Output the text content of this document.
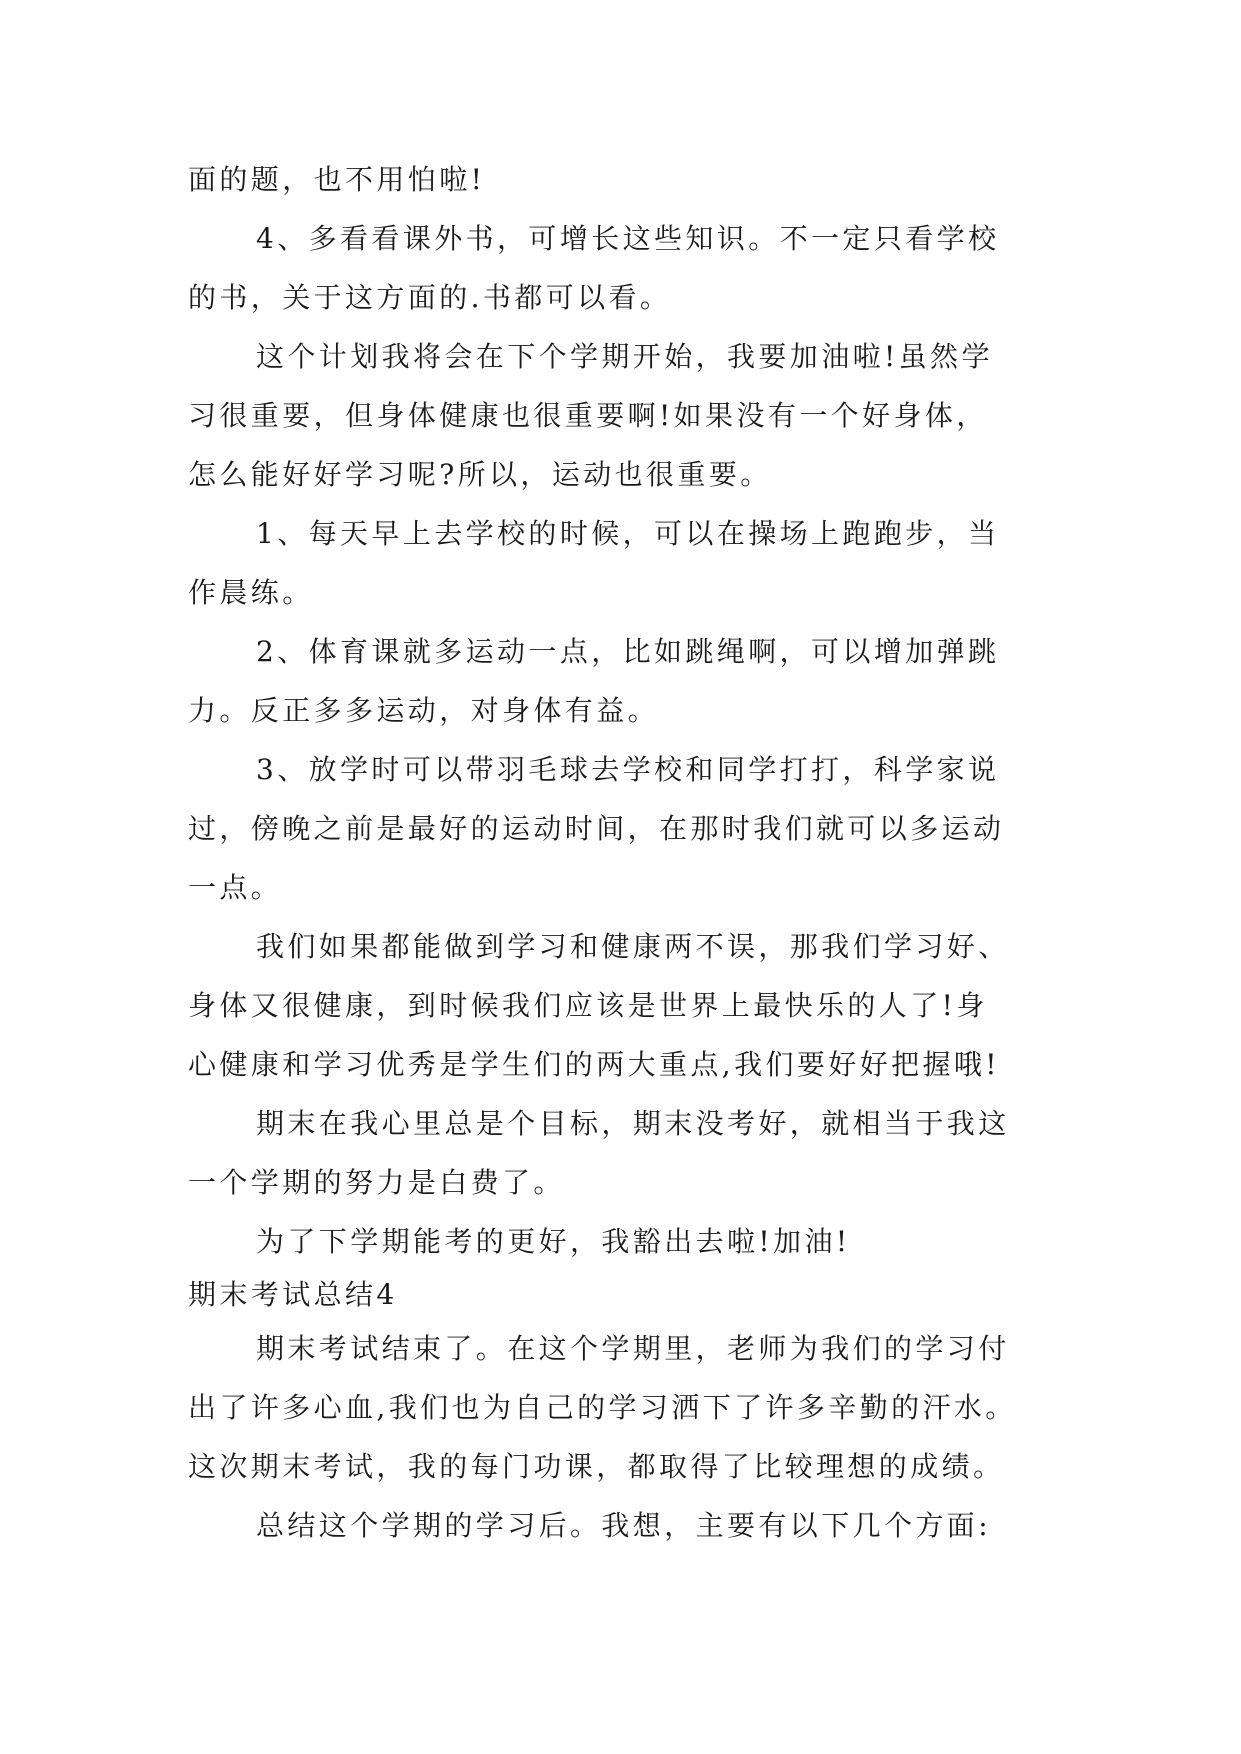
面的题，也不用怕啦!
4、多看看课外书，可增长这些知识。不一定只看学校
的书，关于这方面的.书都可以看。
这个计划我将会在下个学期开始，我要加油啦!虽然学
习很重要，但身体健康也很重要啊!如果没有一个好身体，
怎么能好好学习呢?所以，运动也很重要。
1、每天早上去学校的时候，可以在操场上跑跑步，当
作晨练。
2、体育课就多运动一点，比如跳绳啊，可以增加弹跳
力。反正多多运动，对身体有益。
3、放学时可以带羽毛球去学校和同学打打，科学家说
过，傍晚之前是最好的运动时间，在那时我们就可以多运动
一点。
我们如果都能做到学习和健康两不误，那我们学习好、
身体又很健康，到时候我们应该是世界上最快乐的人了!身
心健康和学习优秀是学生们的两大重点,我们要好好把握哦!
期末在我心里总是个目标，期末没考好，就相当于我这
一个学期的努力是白费了。
为了下学期能考的更好，我豁出去啦!加油!
期末考试总结4
期末考试结束了。在这个学期里，老师为我们的学习付
出了许多心血,我们也为自己的学习洒下了许多辛勤的汗水。
这次期末考试，我的每门功课，都取得了比较理想的成绩。
总结这个学期的学习后。我想，主要有以下几个方面:
